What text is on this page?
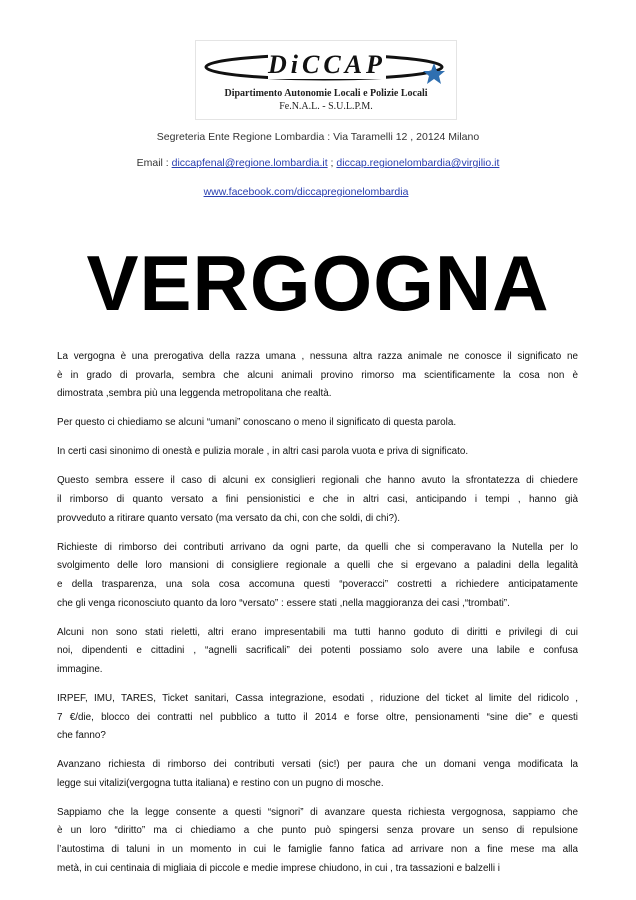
DiCCAP
Dipartimento Autonomie Locali e Polizie Locali
Fe.N.A.L. - S.U.L.P.M.
Segreteria Ente Regione Lombardia : Via Taramelli 12 , 20124 Milano
Email : diccapfenal@regione.lombardia.it ; diccap.regionelombardia@virgilio.it
www.facebook.com/diccapregionelombardia
VERGOGNA
La vergogna è una prerogativa della razza umana , nessuna altra razza animale ne conosce il significato ne
è in grado di provarla, sembra che alcuni animali provino rimorso ma scientificamente la cosa non è
dimostrata ,sembra più una leggenda metropolitana che realtà.
Per questo ci chiediamo se alcuni “umani” conoscano o meno il significato di questa parola.
In certi casi sinonimo di onestà e pulizia morale , in altri casi parola vuota e priva di significato.
Questo sembra essere il caso di alcuni ex consiglieri regionali che hanno avuto la sfrontatezza di chiedere
il rimborso di quanto versato a fini pensionistici e che in altri casi, anticipando i tempi , hanno già
provveduto a ritirare quanto versato (ma versato da chi, con che soldi, di chi?).
Richieste di rimborso dei contributi arrivano da ogni parte, da quelli che si comperavano la Nutella per lo
svolgimento delle loro mansioni di consigliere regionale a quelli che si ergevano a paladini della legalità
e della trasparenza, una sola cosa accomuna questi “poveracci” costretti a richiedere anticipatamente
che gli venga riconosciuto quanto da loro “versato” : essere stati ,nella maggioranza dei casi ,“trombati”.
Alcuni non sono stati rieletti, altri erano impresentabili ma tutti hanno goduto di diritti e privilegi di cui
noi, dipendenti e cittadini , “agnelli sacrificali” dei potenti possiamo solo avere una labile e confusa
immagine.
IRPEF, IMU, TARES, Ticket sanitari, Cassa integrazione, esodati , riduzione del ticket al limite del ridicolo ,
7 €/die, blocco dei contratti nel pubblico a tutto il 2014 e forse oltre, pensionamenti “sine die” e questi
che fanno?
Avanzano richiesta di rimborso dei contributi versati (sic!) per paura che un domani venga modificata la
legge sui vitalizi(vergogna tutta italiana) e restino con un pugno di mosche.
Sappiamo che la legge consente a questi “signori” di avanzare questa richiesta vergognosa, sappiamo che
è un loro “diritto” ma ci chiediamo a che punto può spingersi senza provare un senso di repulsione
l’autostima di taluni in un momento in cui le famiglie fanno fatica ad arrivare non a fine mese ma alla
metà, in cui centinaia di migliaia di piccole e medie imprese chiudono, in cui , tra tassazioni e balzelli i
